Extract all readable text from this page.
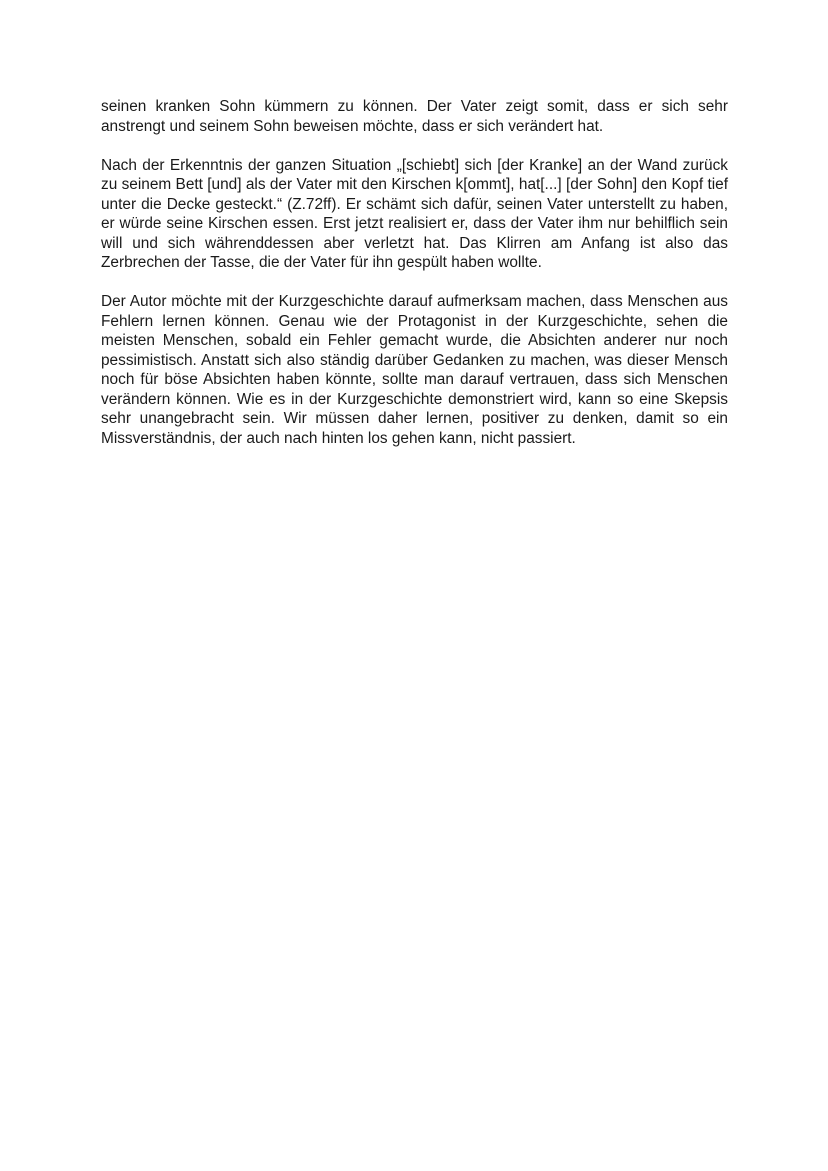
seinen kranken Sohn kümmern zu können. Der Vater zeigt somit, dass er sich sehr anstrengt und seinem Sohn beweisen möchte, dass er sich verändert hat.

Nach der Erkenntnis der ganzen Situation „[schiebt] sich [der Kranke] an der Wand zurück zu seinem Bett [und] als der Vater mit den Kirschen k[ommt], hat[...] [der Sohn] den Kopf tief unter die Decke gesteckt.“ (Z.72ff). Er schämt sich dafür, seinen Vater unterstellt zu haben, er würde seine Kirschen essen. Erst jetzt realisiert er, dass der Vater ihm nur behilflich sein will und sich währenddessen aber verletzt hat. Das Klirren am Anfang ist also das Zerbrechen der Tasse, die der Vater für ihn gespült haben wollte.

Der Autor möchte mit der Kurzgeschichte darauf aufmerksam machen, dass Menschen aus Fehlern lernen können. Genau wie der Protagonist in der Kurzgeschichte, sehen die meisten Menschen, sobald ein Fehler gemacht wurde, die Absichten anderer nur noch pessimistisch. Anstatt sich also ständig darüber Gedanken zu machen, was dieser Mensch noch für böse Absichten haben könnte, sollte man darauf vertrauen, dass sich Menschen verändern können. Wie es in der Kurzgeschichte demonstriert wird, kann so eine Skepsis sehr unangebracht sein. Wir müssen daher lernen, positiver zu denken, damit so ein Missverständnis, der auch nach hinten los gehen kann, nicht passiert.
